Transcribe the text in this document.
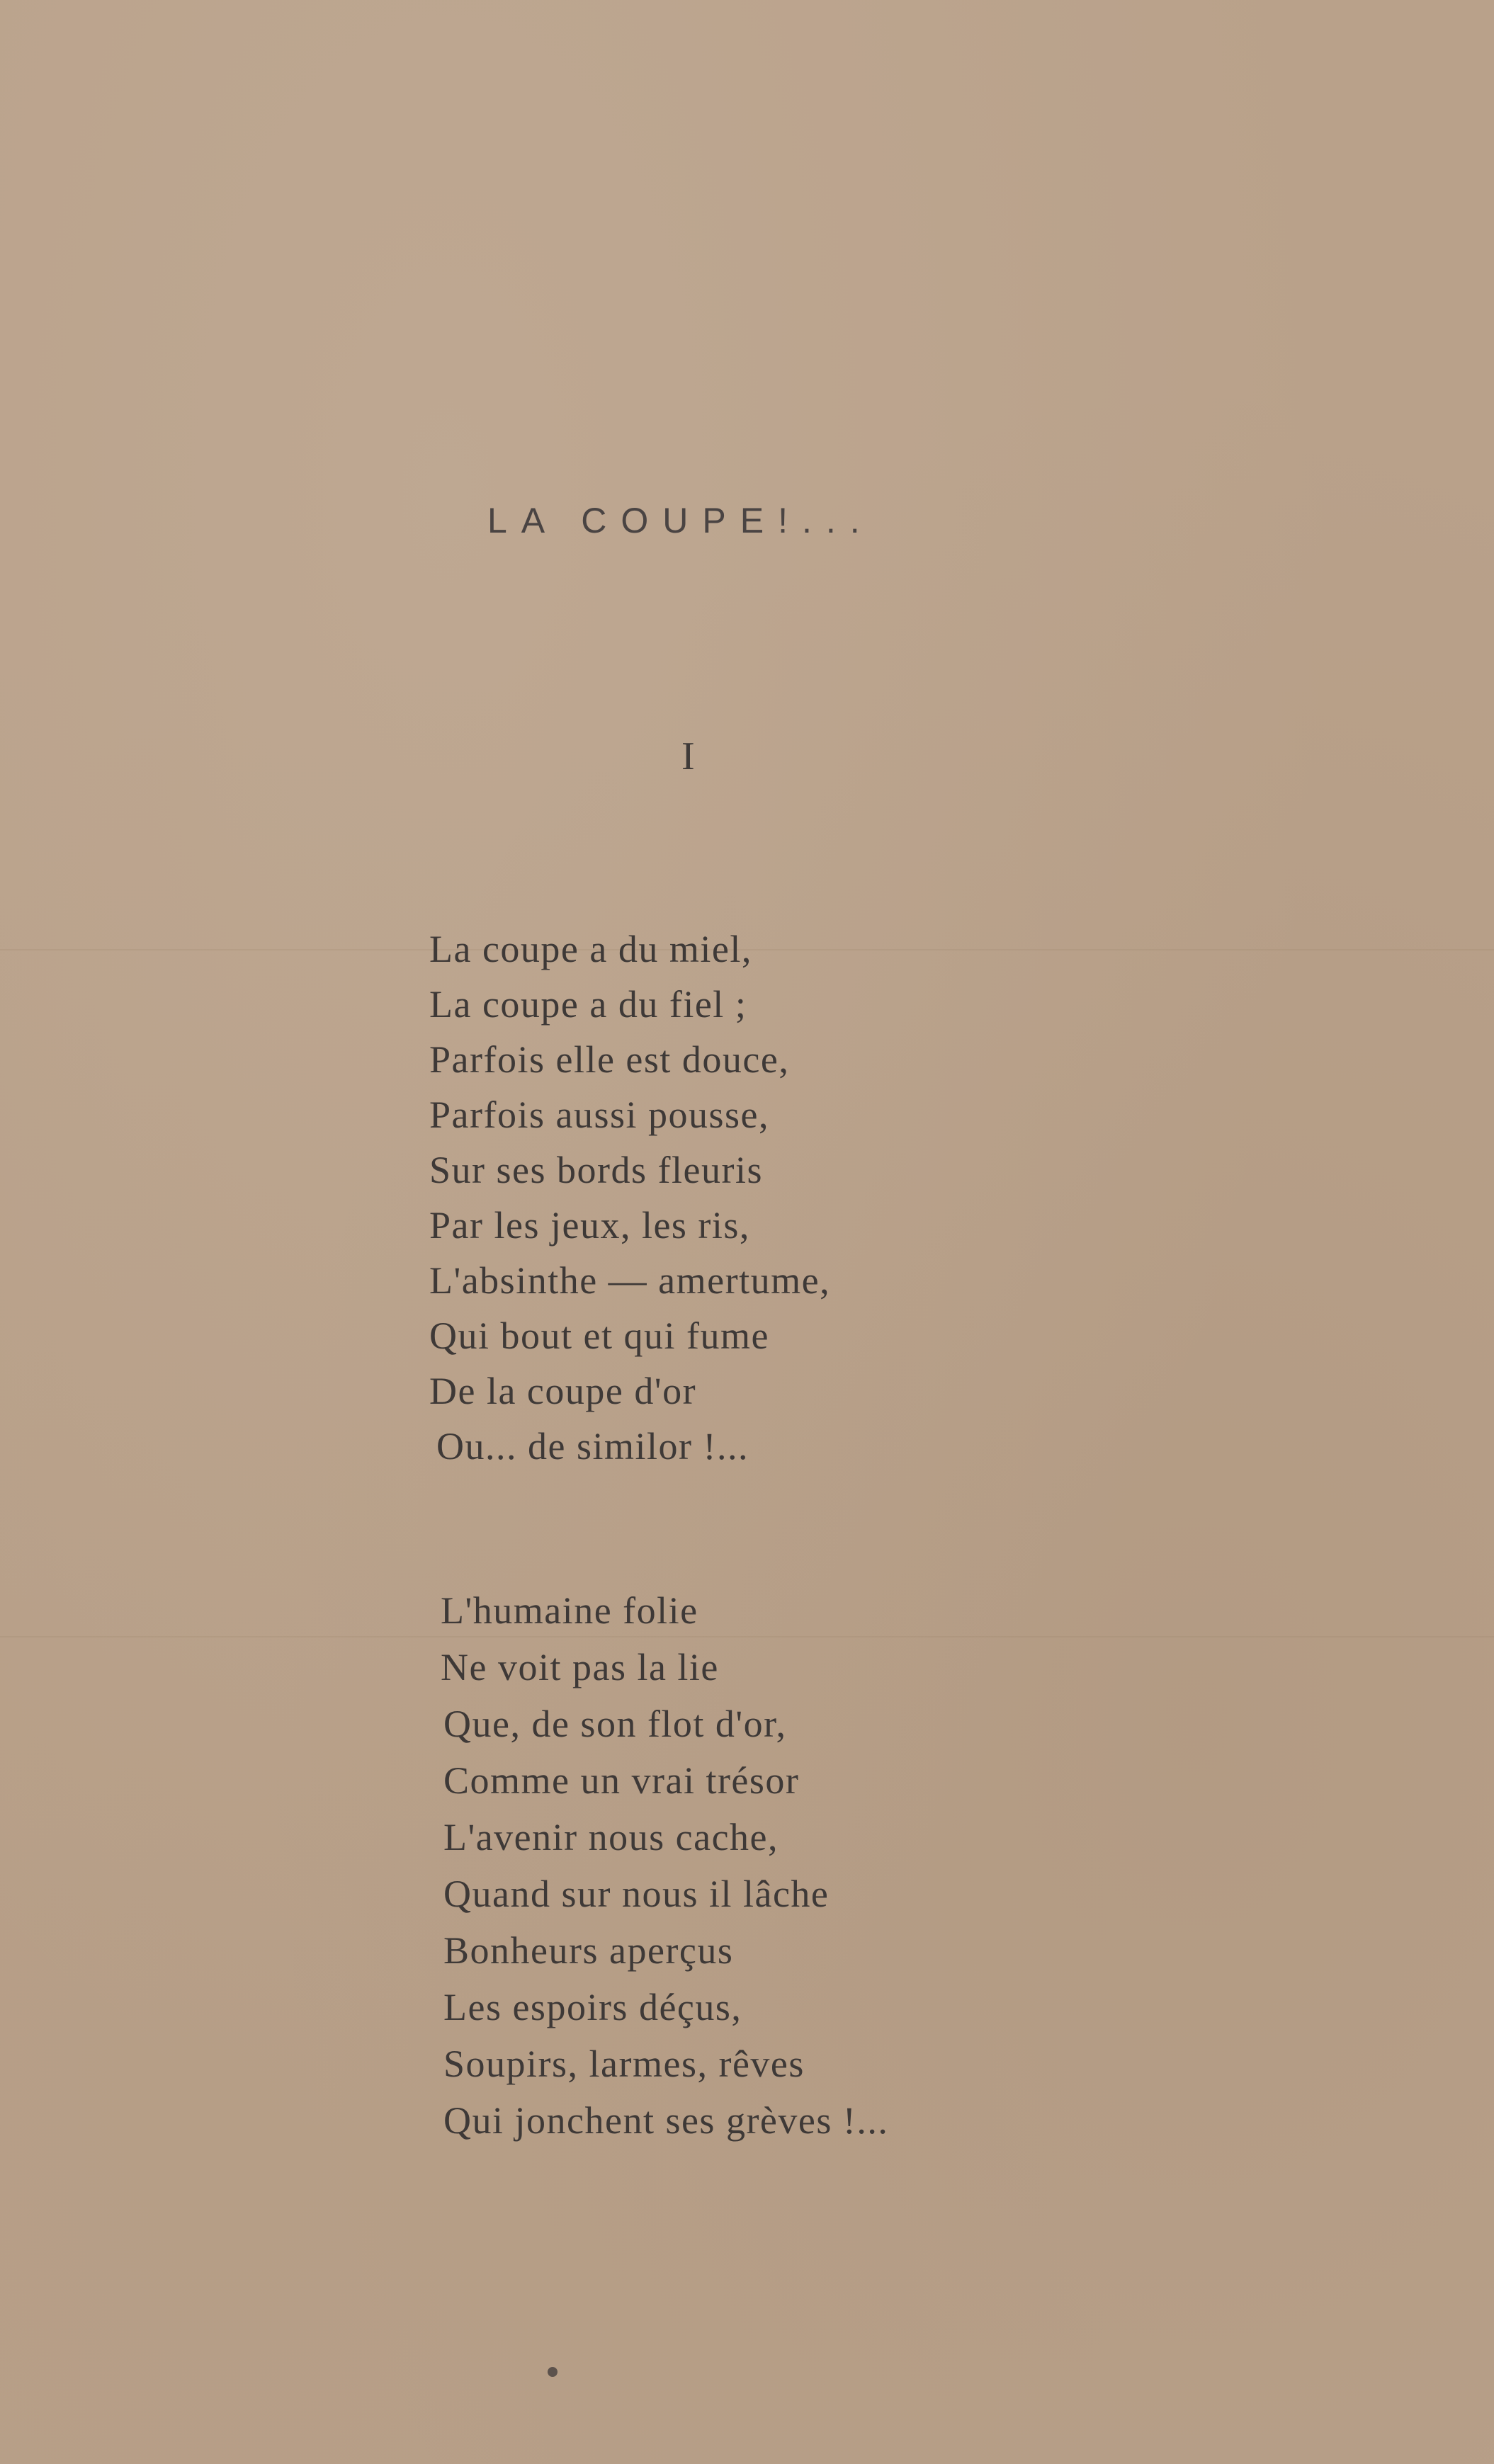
LA COUPE!...
I
La coupe a du miel,
La coupe a du fiel ;
Parfois elle est douce,
Parfois aussi pousse,
Sur ses bords fleuris
Par les jeux, les ris,
L'absinthe — amertume,
Qui bout et qui fume
De la coupe d'or
Ou... de similor !...
L'humaine folie
Ne voit pas la lie
Que, de son flot d'or,
Comme un vrai trésor
L'avenir nous cache,
Quand sur nous il lâche
Bonheurs aperçus
Les espoirs déçus,
Soupirs, larmes, rêves
Qui jonchent ses grèves !...
